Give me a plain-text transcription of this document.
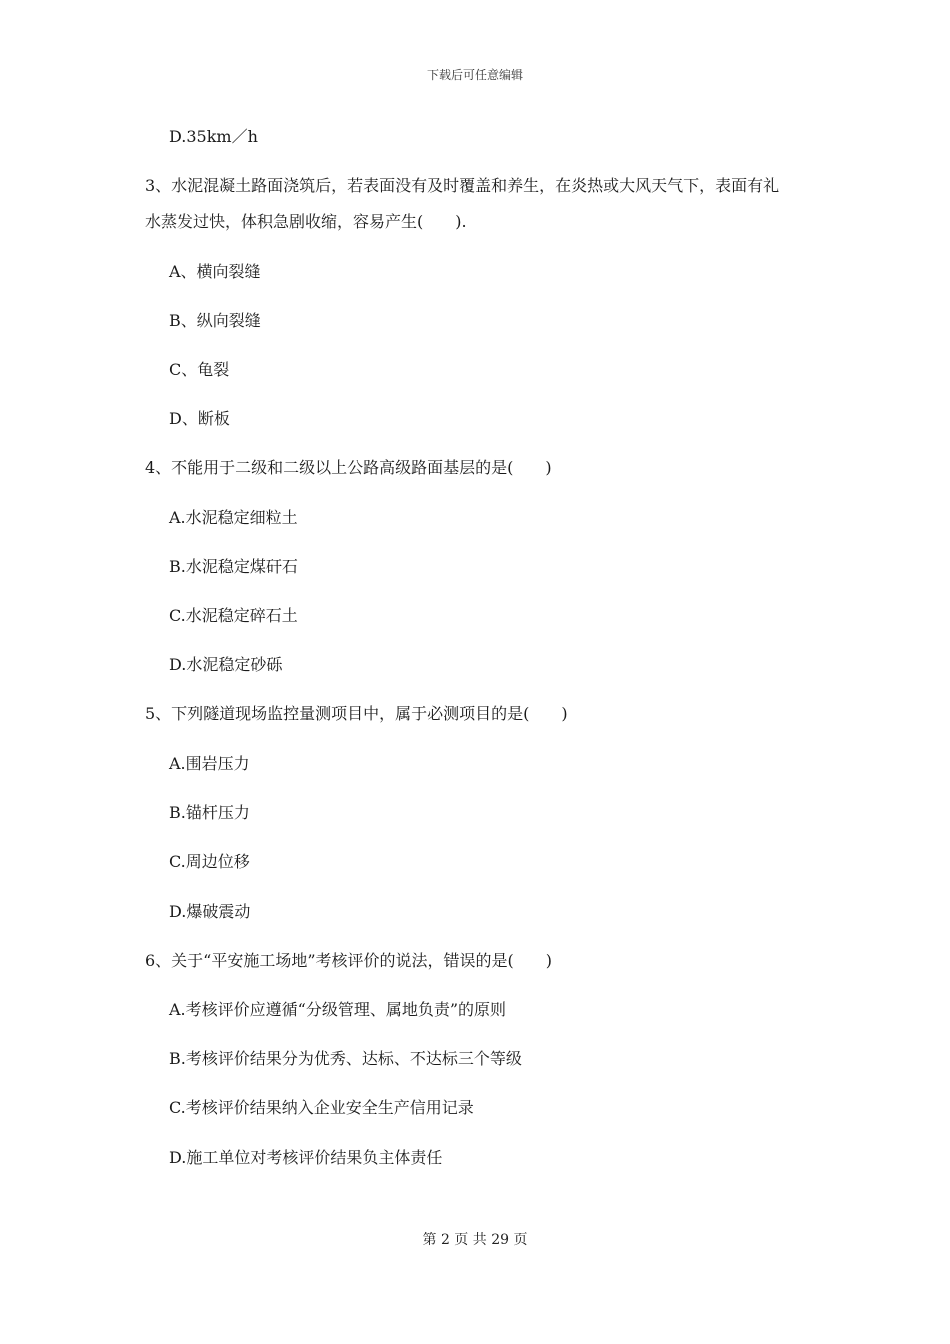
下载后可任意编辑
D.35km／h
3、水泥混凝土路面浇筑后，若表面没有及时覆盖和养生，在炎热或大风天气下，表面有礼
水蒸发过快，体积急剧收缩，容易产生(　　).
A、横向裂缝
B、纵向裂缝
C、龟裂
D、断板
4、不能用于二级和二级以上公路高级路面基层的是(　　)
A.水泥稳定细粒土
B.水泥稳定煤矸石
C.水泥稳定碎石土
D.水泥稳定砂砾
5、下列隧道现场监控量测项目中，属于必测项目的是(　　)
A.围岩压力
B.锚杆压力
C.周边位移
D.爆破震动
6、关于“平安施工场地”考核评价的说法，错误的是(　　)
A.考核评价应遵循“分级管理、属地负责”的原则
B.考核评价结果分为优秀、达标、不达标三个等级
C.考核评价结果纳入企业安全生产信用记录
D.施工单位对考核评价结果负主体责任
第 2 页 共 29 页
